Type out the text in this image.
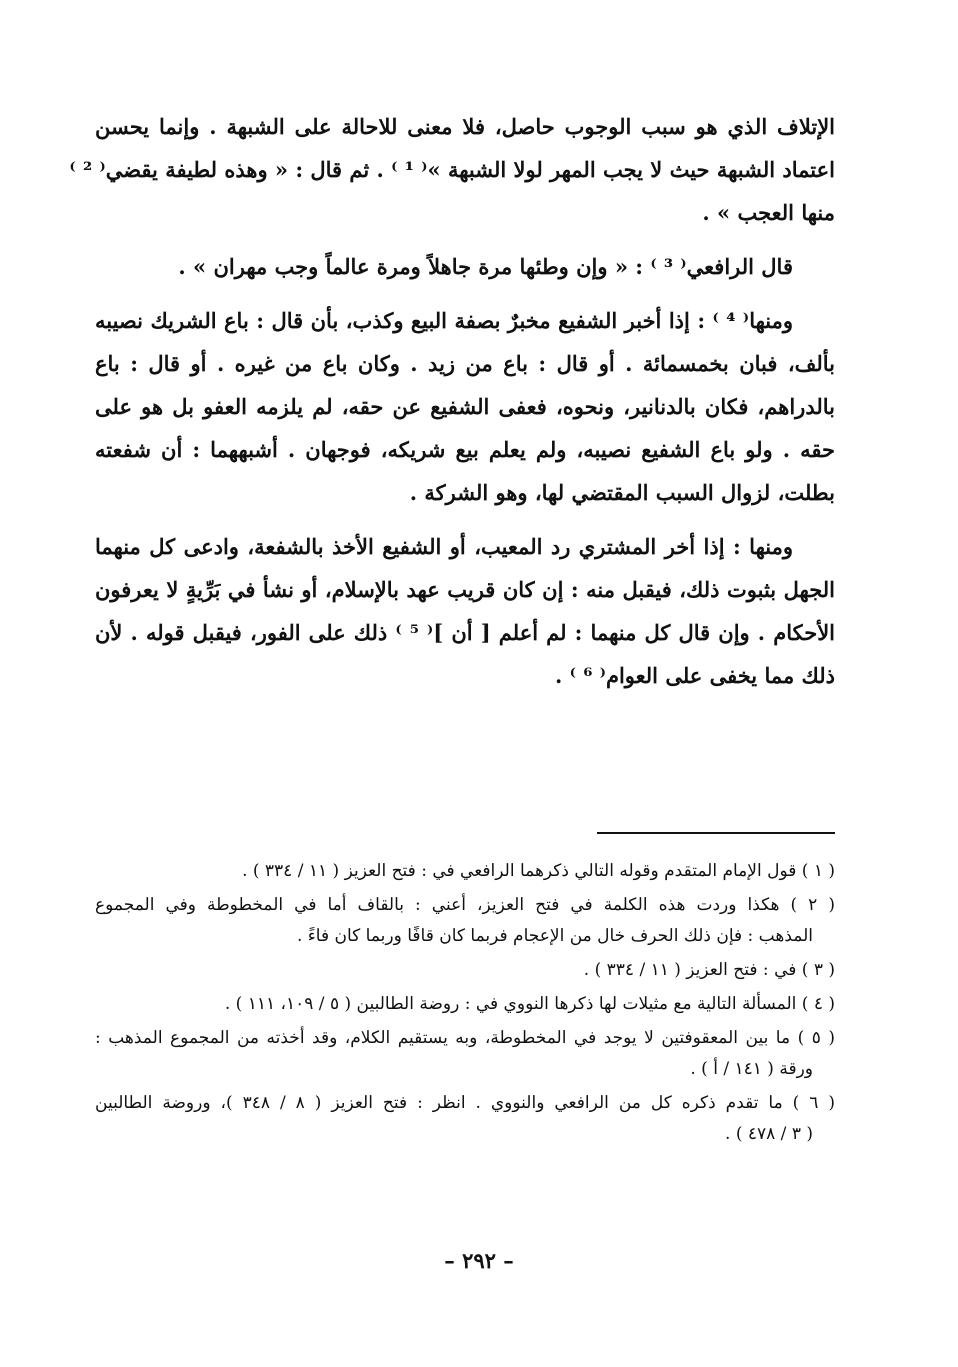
الإتلاف الذي هو سبب الوجوب حاصل، فلا معنى للاحالة على الشبهة . وإنما يحسن
اعتماد الشبهة حيث لا يجب المهر لولا الشبهة »⁽ ¹ ⁾ . ثم قال : « وهذه لطيفة يقضي⁽ ² ⁾
منها العجب » .

قال الرافعي⁽ ³ ⁾ : « وإن وطئها مرة جاهلاً ومرة عالماً وجب مهران » .

ومنها⁽ ⁴ ⁾ : إذا أخبر الشفيع مخبرٌ بصفة البيع وكذب، بأن قال : باع الشريك نصيبه
بألف، فبان بخمسمائة . أو قال : باع من زيد . وكان باع من غيره . أو قال : باع
بالدراهم، فكان بالدنانير، ونحوه، فعفى الشفيع عن حقه، لم يلزمه العفو بل هو على
حقه . ولو باع الشفيع نصيبه، ولم يعلم بيع شريكه، فوجهان . أشبههما : أن شفعته
بطلت، لزوال السبب المقتضي لها، وهو الشركة .

ومنها : إذا أخر المشتري رد المعيب، أو الشفيع الأخذ بالشفعة، وادعى كل منهما
الجهل بثبوت ذلك، فيقبل منه : إن كان قريب عهد بالإسلام، أو نشأ في بَرِّيةٍ لا يعرفون
الأحكام . وإن قال كل منهما : لم أعلم [ أن ]⁽ ⁵ ⁾ ذلك على الفور، فيقبل قوله . لأن
ذلك مما يخفى على العوام⁽ ⁶ ⁾ .

( ١ ) قول الإمام المتقدم وقوله التالي ذكرهما الرافعي في : فتح العزيز ( ١١ / ٣٣٤ ) .
( ٢ ) هكذا وردت هذه الكلمة في فتح العزيز، أعني : بالقاف أما في المخطوطة وفي المجموع
المذهب : فإن ذلك الحرف خال من الإعجام فربما كان قافًا وربما كان فاءً .
( ٣ ) في : فتح العزيز ( ١١ / ٣٣٤ ) .
( ٤ ) المسألة التالية مع مثيلات لها ذكرها النووي في : روضة الطالبين ( ٥ / ١٠٩، ١١١ ) .
( ٥ ) ما بين المعقوفتين لا يوجد في المخطوطة، وبه يستقيم الكلام، وقد أخذته من المجموع المذهب :
ورقة ( ١٤١ / أ ) .
( ٦ ) ما تقدم ذكره كل من الرافعي والنووي . انظر : فتح العزيز ( ٨ / ٣٤٨ )، وروضة الطالبين
( ٣ / ٤٧٨ ) .
– ٢٩٢ –
